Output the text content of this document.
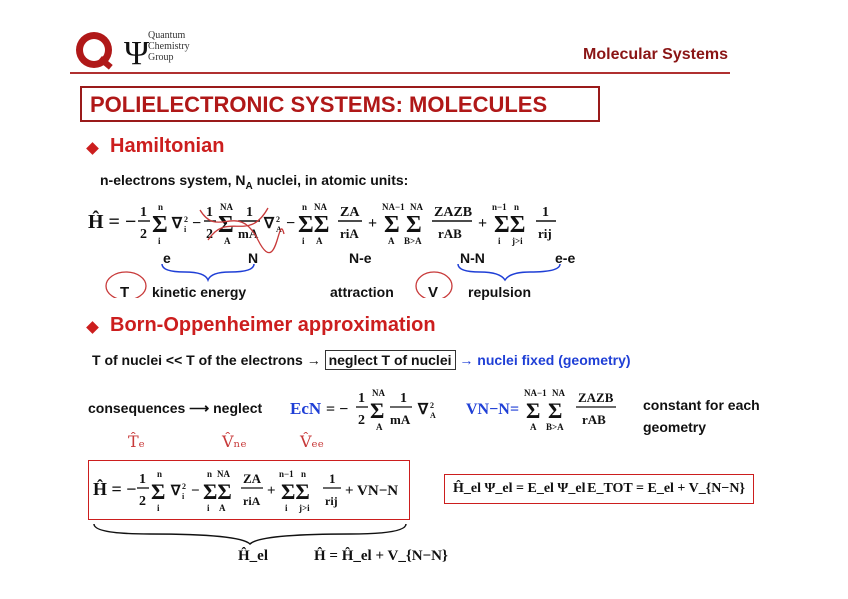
Ψ
Quantum
Chemistry
Group	Molecular Systems
POLIELECTRONIC SYSTEMS: MOLECULES
Hamiltonian
n-electrons system, $N_A$ nuclei, in atomic units:
Ĥ = − 1
2 Σ
n
i
∇ 2
i −
1
2 Σ
NA
A
1
mA
∇ 2
A − ΣΣ
n NA
i A
ZA
riA
+ Σ
NA−1
A
Σ
NA
B>A
ZAZB
rAB
+ ΣΣ
n−1 n
i j>i
1
rij
e	N	N-e	N-N	e-e
T kinetic energy	attraction V repulsion
Born-Oppenheimer approximation
T of nuclei << T of the electrons → neglect T of nuclei → nuclei fixed (geometry)
consequences ⟶ neglect EcN = −
1
2 Σ
NA
A
1
mA
∇ 2
A VN−N = Σ
NA−1
A
Σ
NA
B>A
ZAZB
rAB
constant for each
geometry
T̂ₑ	V̂ₙₑ	V̂ₑₑ
Ĥ = − 1
2 Σ
n
i
∇ 2
i − ΣΣ
n NA
i A
ZA
riA
+ ΣΣ
n−1 n
i j>i
1
rij
+ VN−N	Ĥ_el Ψ_el = E_el Ψ_el E_TOT = E_el + V_{N−N}
Ĥ_el	Ĥ = Ĥ_el + V_{N−N}
